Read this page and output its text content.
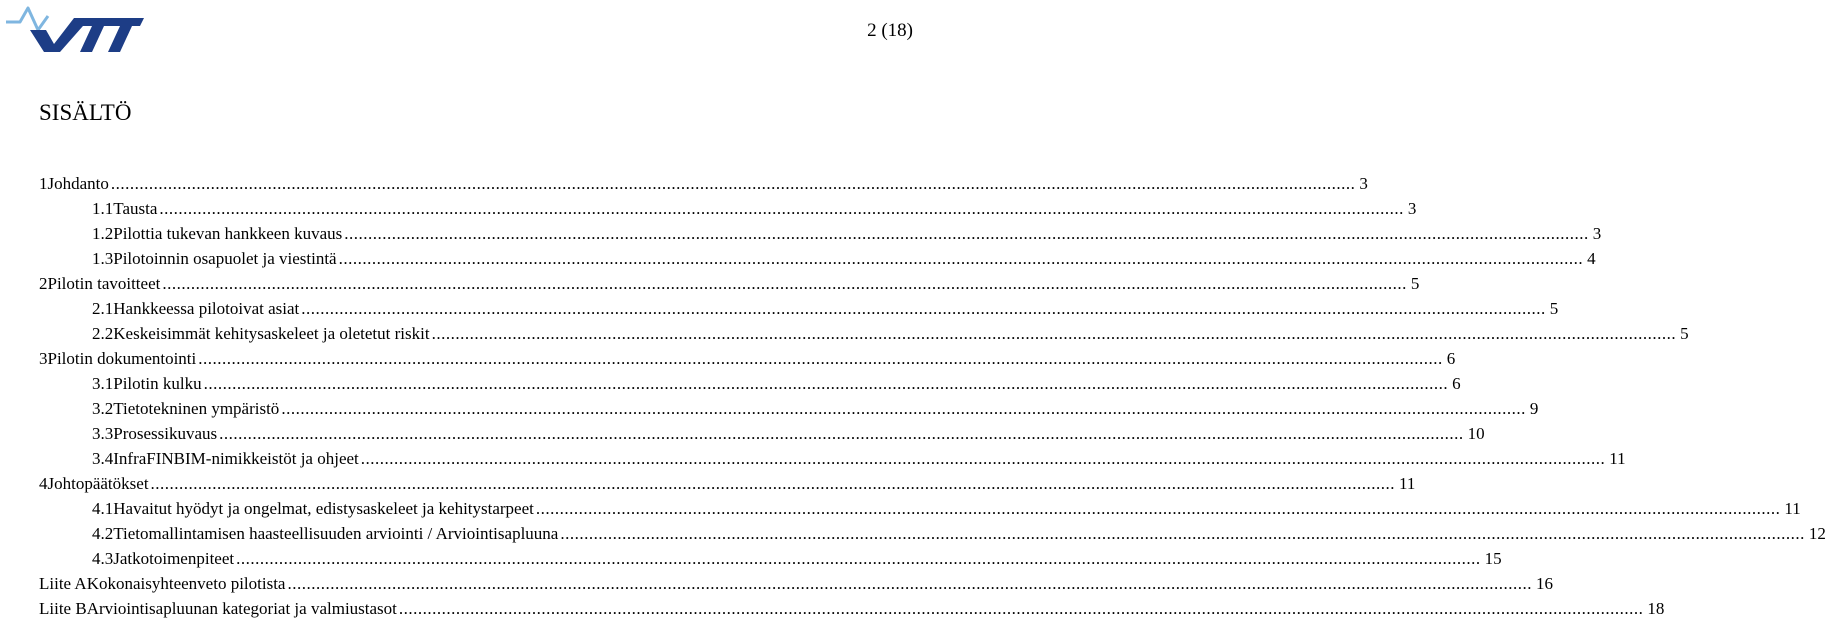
2 (18)
SISÄLTÖ
1 Johdanto .....	3
1.1 Tausta .....	3
1.2 Pilottia tukevan hankkeen kuvaus .....	3
1.3 Pilotoinnin osapuolet ja viestintä .....	4
2 Pilotin tavoitteet .....	5
2.1 Hankkeessa pilotoivat asiat .....	5
2.2 Keskeisimmät kehitysaskeleet ja oletetut riskit .....	5
3 Pilotin dokumentointi .....	6
3.1 Pilotin kulku .....	6
3.2 Tietotekninen ympäristö .....	9
3.3 Prosessikuvaus .....	10
3.4 InfraFINBIM-nimikkeistöt ja ohjeet .....	11
4 Johtopäätökset .....	11
4.1 Havaitut hyödyt ja ongelmat, edistysaskeleet ja kehitystarpeet .....	11
4.2 Tietomallintamisen haasteellisuuden arviointi / Arviointisapluuna .....	12
4.3 Jatkotoimenpiteet .....	15
Liite A Kokonaisyhteenveto pilotista .....	16
Liite B Arviointisapluunan kategoriat ja valmiustasot .....	18
